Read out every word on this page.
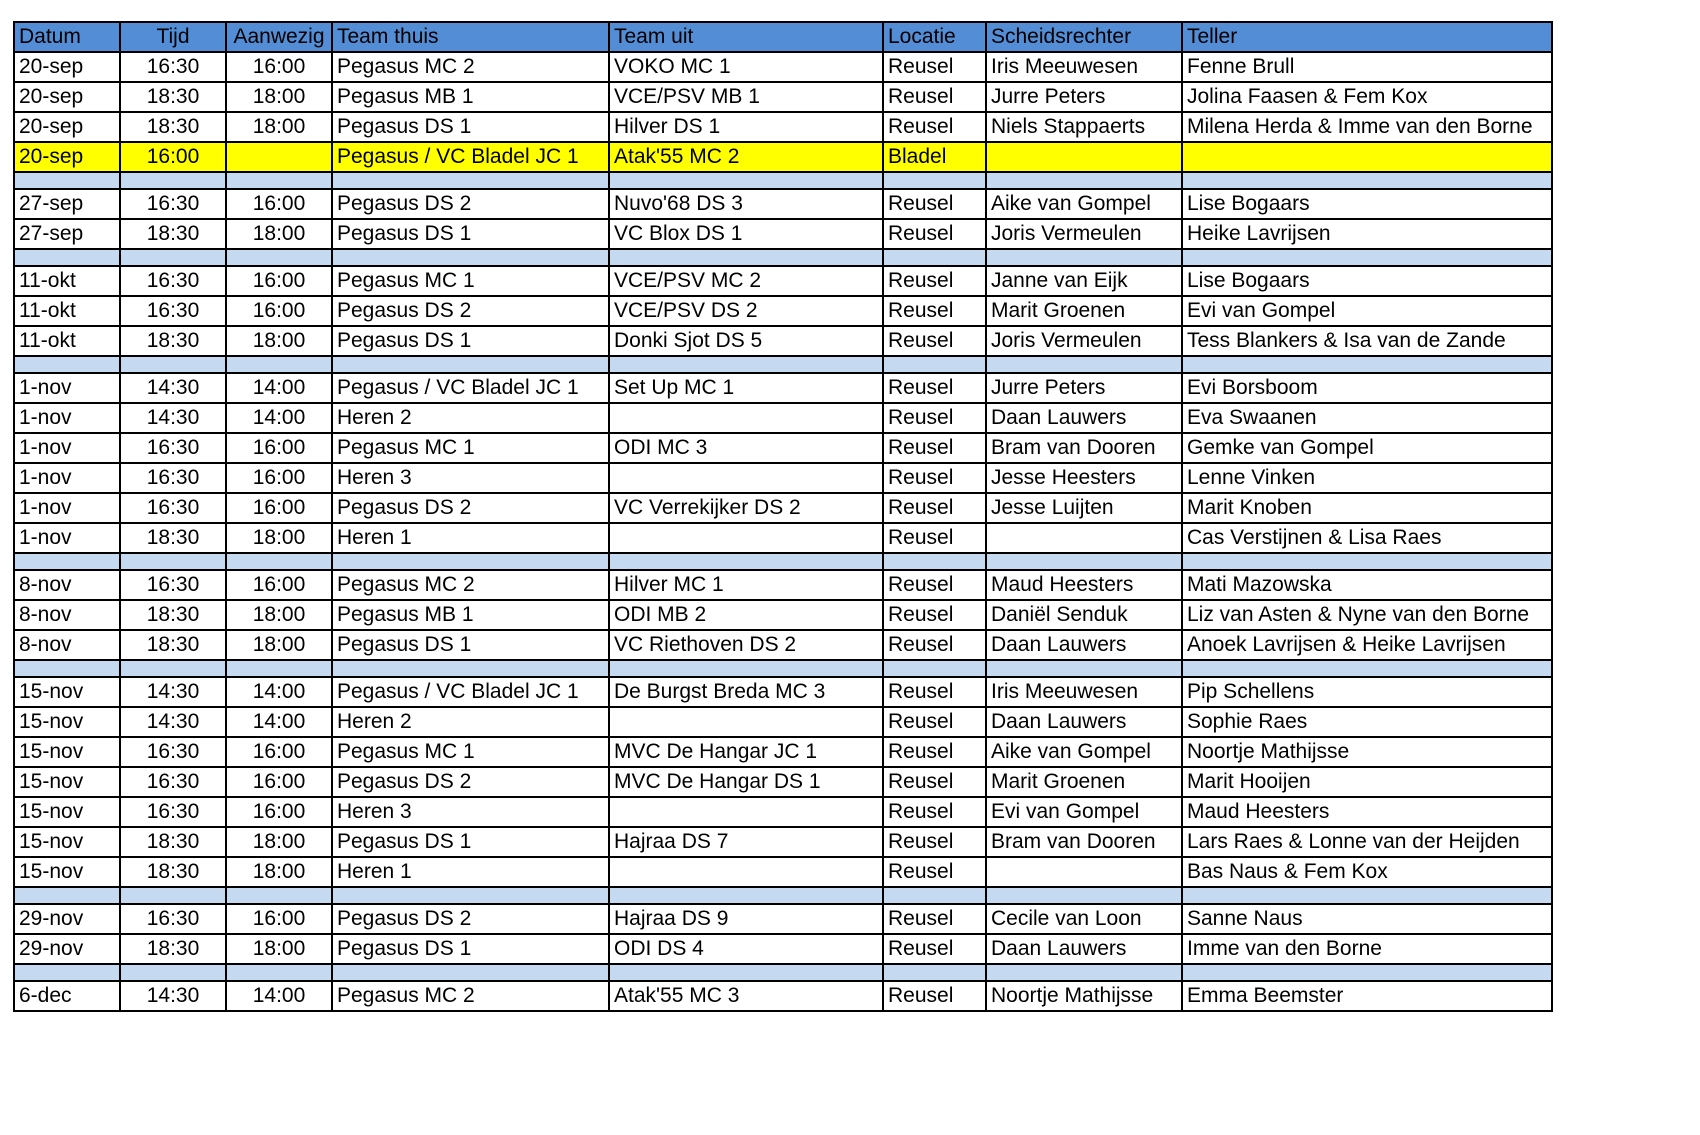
Datum	Tijd	Aanwezig	Team thuis	Team uit	Locatie	Scheidsrechter	Teller
20-sep	16:30	16:00	Pegasus MC 2	VOKO MC 1	Reusel	Iris Meeuwesen	Fenne Brull
20-sep	18:30	18:00	Pegasus MB 1	VCE/PSV MB 1	Reusel	Jurre Peters	Jolina Faasen & Fem Kox
20-sep	18:30	18:00	Pegasus DS 1	Hilver DS 1	Reusel	Niels Stappaerts	Milena Herda & Imme van den Borne
20-sep	16:00		Pegasus / VC Bladel JC 1	Atak'55 MC 2	Bladel		

27-sep	16:30	16:00	Pegasus DS 2	Nuvo'68 DS 3	Reusel	Aike van Gompel	Lise Bogaars
27-sep	18:30	18:00	Pegasus DS 1	VC Blox DS 1	Reusel	Joris Vermeulen	Heike Lavrijsen

11-okt	16:30	16:00	Pegasus MC 1	VCE/PSV MC 2	Reusel	Janne van Eijk	Lise Bogaars
11-okt	16:30	16:00	Pegasus DS 2	VCE/PSV DS 2	Reusel	Marit Groenen	Evi van Gompel
11-okt	18:30	18:00	Pegasus DS 1	Donki Sjot DS 5	Reusel	Joris Vermeulen	Tess Blankers & Isa van de Zande

1-nov	14:30	14:00	Pegasus / VC Bladel JC 1	Set Up MC 1	Reusel	Jurre Peters	Evi Borsboom
1-nov	14:30	14:00	Heren 2		Reusel	Daan Lauwers	Eva Swaanen
1-nov	16:30	16:00	Pegasus MC 1	ODI MC 3	Reusel	Bram van Dooren	Gemke van Gompel
1-nov	16:30	16:00	Heren 3		Reusel	Jesse Heesters	Lenne Vinken
1-nov	16:30	16:00	Pegasus DS 2	VC Verrekijker DS 2	Reusel	Jesse Luijten	Marit Knoben
1-nov	18:30	18:00	Heren 1		Reusel		Cas Verstijnen & Lisa Raes

8-nov	16:30	16:00	Pegasus MC 2	Hilver MC 1	Reusel	Maud Heesters	Mati Mazowska
8-nov	18:30	18:00	Pegasus MB 1	ODI MB 2	Reusel	Daniël Senduk	Liz van Asten & Nyne van den Borne
8-nov	18:30	18:00	Pegasus DS 1	VC Riethoven DS 2	Reusel	Daan Lauwers	Anoek Lavrijsen & Heike Lavrijsen

15-nov	14:30	14:00	Pegasus / VC Bladel JC 1	De Burgst Breda MC 3	Reusel	Iris Meeuwesen	Pip Schellens
15-nov	14:30	14:00	Heren 2		Reusel	Daan Lauwers	Sophie Raes
15-nov	16:30	16:00	Pegasus MC 1	MVC De Hangar JC 1	Reusel	Aike van Gompel	Noortje Mathijsse
15-nov	16:30	16:00	Pegasus DS 2	MVC De Hangar DS 1	Reusel	Marit Groenen	Marit Hooijen
15-nov	16:30	16:00	Heren 3		Reusel	Evi van Gompel	Maud Heesters
15-nov	18:30	18:00	Pegasus DS 1	Hajraa DS 7	Reusel	Bram van Dooren	Lars Raes & Lonne van der Heijden
15-nov	18:30	18:00	Heren 1		Reusel		Bas Naus & Fem Kox

29-nov	16:30	16:00	Pegasus DS 2	Hajraa DS 9	Reusel	Cecile van Loon	Sanne Naus
29-nov	18:30	18:00	Pegasus DS 1	ODI DS 4	Reusel	Daan Lauwers	Imme van den Borne

6-dec	14:30	14:00	Pegasus MC 2	Atak'55 MC 3	Reusel	Noortje Mathijsse	Emma Beemster
